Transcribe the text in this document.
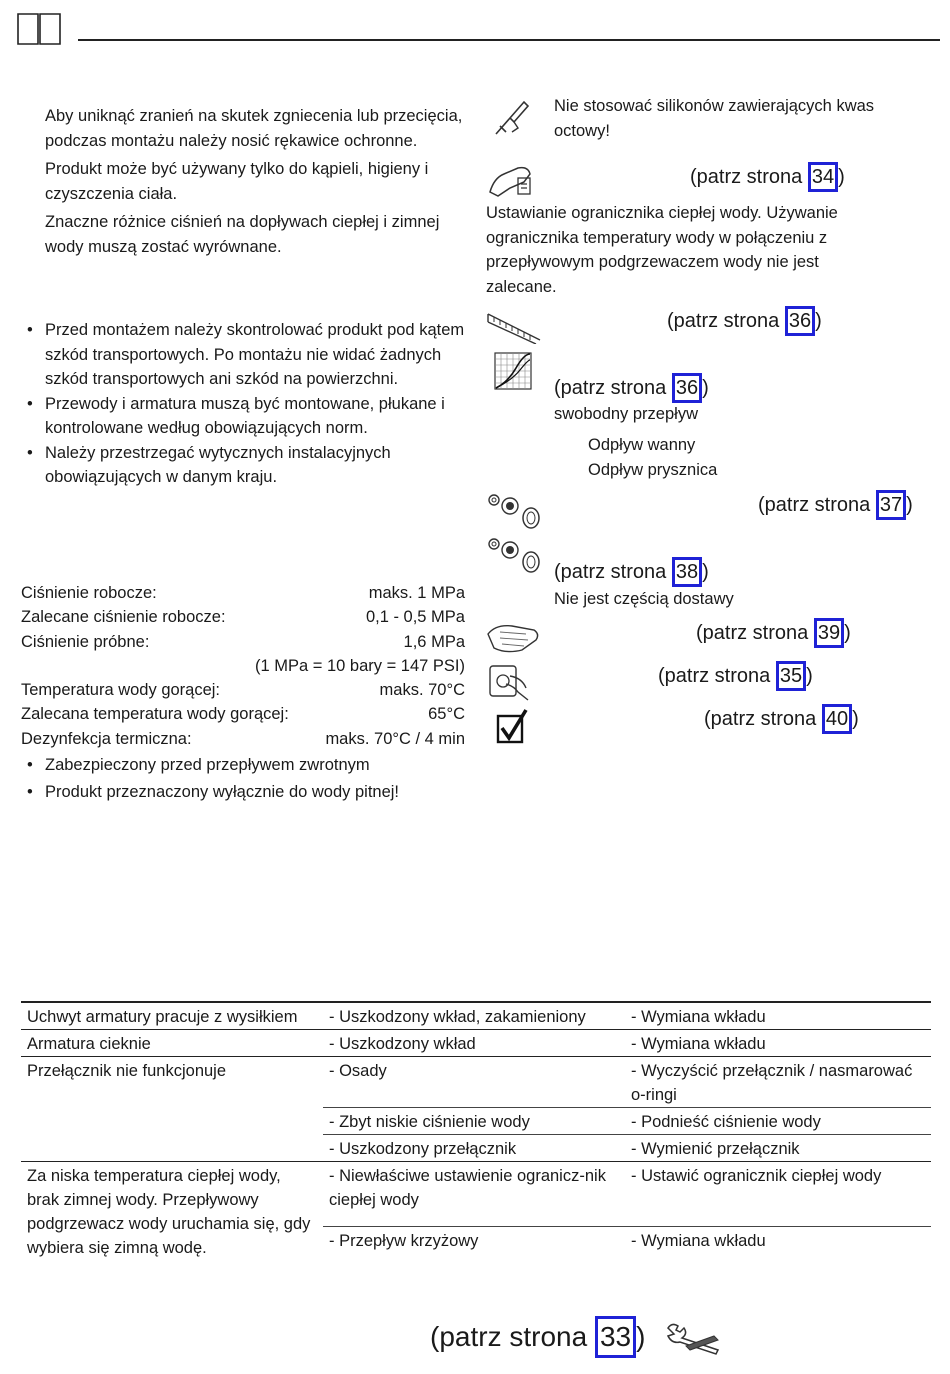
Aby uniknąć zranień na skutek zgniecenia lub przecięcia, podczas montażu należy nosić rękawice ochronne.
Produkt może być używany tylko do kąpieli, higieny i czyszczenia ciała.
Znaczne różnice ciśnień na dopływach ciepłej i zimnej wody muszą zostać wyrównane.
• Przed montażem należy skontrolować produkt pod kątem szkód transportowych. Po montażu nie widać żadnych szkód transportowych ani szkód na powierzchni.
• Przewody i armatura muszą być montowane, płukane i kontrolowane według obowiązujących norm.
• Należy przestrzegać wytycznych instalacyjnych obowiązujących w danym kraju.
Ciśnienie robocze:	maks. 1 MPa
Zalecane ciśnienie robocze:	0,1 - 0,5 MPa
Ciśnienie próbne:	1,6 MPa
(1 MPa = 10 bary = 147 PSI)
Temperatura wody gorącej:	maks. 70°C
Zalecana temperatura wody gorącej:	65°C
Dezynfekcja termiczna:	maks. 70°C / 4 min
• Zabezpieczony przed przepływem zwrotnym
• Produkt przeznaczony wyłącznie do wody pitnej!
Nie stosować silikonów zawierających kwas octowy!
(patrz strona 34 )
Ustawianie ogranicznika ciepłej wody. Używanie ogranicznika temperatury wody w połączeniu z przepływowym podgrzewaczem wody nie jest zalecane.
(patrz strona 36 )
(patrz strona 36 )
swobodny przepływ
Odpływ wanny
Odpływ prysznica
(patrz strona 37 )
(patrz strona 38 )
Nie jest częścią dostawy
(patrz strona 39 )
(patrz strona 35 )
(patrz strona 40 )
Uchwyt armatury pracuje z wysiłkiem	- Uszkodzony wkład, zakamieniony	- Wymiana wkładu
Armatura cieknie	- Uszkodzony wkład	- Wymiana wkładu
Przełącznik nie funkcjonuje	- Osady	- Wyczyścić przełącznik / nasmarować o-ringi
	- Zbyt niskie ciśnienie wody	- Podnieść ciśnienie wody
	- Uszkodzony przełącznik	- Wymienić przełącznik
Za niska temperatura ciepłej wody, brak zimnej wody. Przepływowy podgrzewacz wody uruchamia się, gdy wybiera się zimną wodę.	- Niewłaściwe ustawienie ogranicz-nik ciepłej wody	- Ustawić ogranicznik ciepłej wody
	- Przepływ krzyżowy	- Wymiana wkładu
(patrz strona 33 )
